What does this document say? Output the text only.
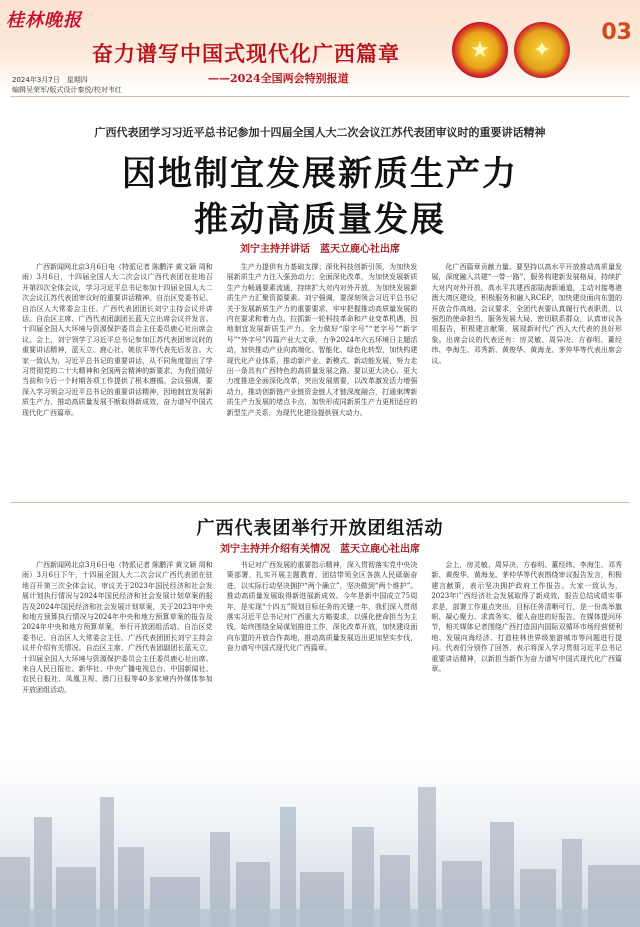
桂林晚报
奋力谱写中国式现代化广西篇章
——2024全国两会特别报道
★ ✦
03
2024年3月7日　星期四
编辑吴荣军/版式设计秦悦/校对韦红
广西代表团学习习近平总书记参加十四届全国人大二次会议江苏代表团审议时的重要讲话精神
因地制宜发展新质生产力
推动高质量发展
刘宁主持并讲话　蓝天立鹿心社出席

广西新闻网北京3月6日电（特派记者 陈鹏洋 黄文颖 周和雨）3月6日，十四届全国人大二次会议广西代表团在驻地召开第四次全体会议，学习习近平总书记参加十四届全国人大二次会议江苏代表团审议时的重要讲话精神。自治区党委书记、自治区人大常委会主任、广西代表团团长刘宁主持会议并讲话。自治区主席、广西代表团副团长蓝天立出席会议并发言。十四届全国人大环境与资源保护委员会主任委员鹿心社出席会议。会上，刘宁领学了习近平总书记参加江苏代表团审议时的重要讲话精神，蓝天立、鹿心社、姚依平等代表先后发言。大家一致认为，习近平总书记的重要讲话，从不同角度提出了学习贯彻党的二十大精神和全国两会精神的新要求，为我们做好当前和今后一个时期各项工作提供了根本遵循。会议强调，要深入学习领会习近平总书记的重要讲话精神，因地制宜发展新质生产力，推动高质量发展不断取得新成效，奋力谱写中国式现代化广西篇章。

生产力提供有力基础支撑；深化科技创新引领，为加快发展新质生产力注入强劲动力；全面深化改革，为加快发展新质生产力畅通要素流通，持续扩大对内对外开放，为加快发展新质生产力汇聚资源要素。刘宁强调，要深刻领会习近平总书记关于发展新质生产力的重要要求，牢牢把握推动高质量发展的内在要求和着力点，拉抓新一轮科技革命和产业变革机遇，因地制宜发展新质生产力。全力做好“原字号”“老字号”“新字号”“外字号”四篇产业大文章，力争2024年六五环境日主题活动，加快推动产业向高端化、智能化、绿色化转型，加快构建现代化产业体系，推动新产业、新模式、新动能发展，努力走出一条具有广西特色的高质量发展之路。要以更大决心、更大力度推进全面深化改革，突出发展需要，以改革激发活力增强动力，推动创新链产业链资金链人才链深度融合，打通束缚新质生产力发展的堵点卡点，加快形成同新质生产力更相适应的新型生产关系，为现代化建设提供强大动力。

化广西篇章贡献力量。要坚持以高水平开放推动高质量发展，深度融入共建“一带一路”，服务构建新发展格局，持续扩大对内对外开放，高水平共建西部陆海新通道，主动对接粤港澳大湾区建设，积极服务和融入RCEP，加快建设面向东盟的开放合作高地。会议要求，全团代表要认真履行代表职责，以强烈的使命担当，服务发展大局，密切联系群众，认真审议各项报告，积极建言献策，展现新时代广西人大代表的良好形象。出席会议的代表还有：房灵敏、周异决、方春明、董经纬、李海生、邓秀新、黄俊华、黄海龙、茅仲华等代表出席会议。

广西代表团举行开放团组活动
刘宁主持并介绍有关情况　蓝天立鹿心社出席

广西新闻网北京3月6日电（特派记者 陈鹏洋 黄文颖 周和雨）3月6日下午，十四届全国人大二次会议广西代表团在驻地召开第三次全体会议，审议关于2023年国民经济和社会发展计划执行情况与2024年国民经济和社会发展计划草案的报告及2024年国民经济和社会发展计划草案，关于2023年中央和地方预算执行情况与2024年中央和地方预算草案的报告及2024年中央和地方预算草案，举行开放团组活动。自治区党委书记、自治区人大常委会主任、广西代表团团长刘宁主持会议并介绍有关情况。自治区主席、广西代表团副团长蓝天立，十四届全国人大环境与资源保护委员会主任委员鹿心社出席。来自人民日报社、新华社、中央广播电视总台、中国新闻社、农民日报社、凤凰卫视、澳门日报等40多家境内外媒体参加开放团组活动。

书记对广西发展的重要指示精神，深入贯彻落实党中央决策部署，扎实开展主题教育，团结带领全区各族人民砥砺奋进，以实际行动坚决拥护“两个确立”，坚决做到“两个维护”。推动高质量发展取得新进展新成效。今年是新中国成立75周年，是实现“十四五”规划目标任务的关键一年，我们深入贯彻落实习近平总书记对广西重大方略要求，以强化使命担当为主线，始终围绕全局谋划推进工作，深化改革开放，加快建设面向东盟的开放合作高地，推动高质量发展迈出更加坚实步伐，奋力谱写中国式现代化广西篇章。

会上，房灵敏、周异决、方春明、董经纬、李海生、邓秀新、黄俊华、黄海龙、茅仲华等代表围绕审议报告发言，积极建言献策，表示坚决拥护政府工作报告。大家一致认为，2023年广西经济社会发展取得了新成效，报告总结成绩实事求是，部署工作重点突出，目标任务清晰可行，是一份高举旗帜、凝心聚力、求真务实、催人奋进的好报告。在媒体提问环节，相关媒体记者围绕广西打造国内国际双循环市场经营便利地、发展向海经济、打造桂林世界级旅游城市等问题进行提问。代表们分别作了回答，表示将深入学习贯彻习近平总书记重要讲话精神，以新担当新作为奋力谱写中国式现代化广西篇章。
